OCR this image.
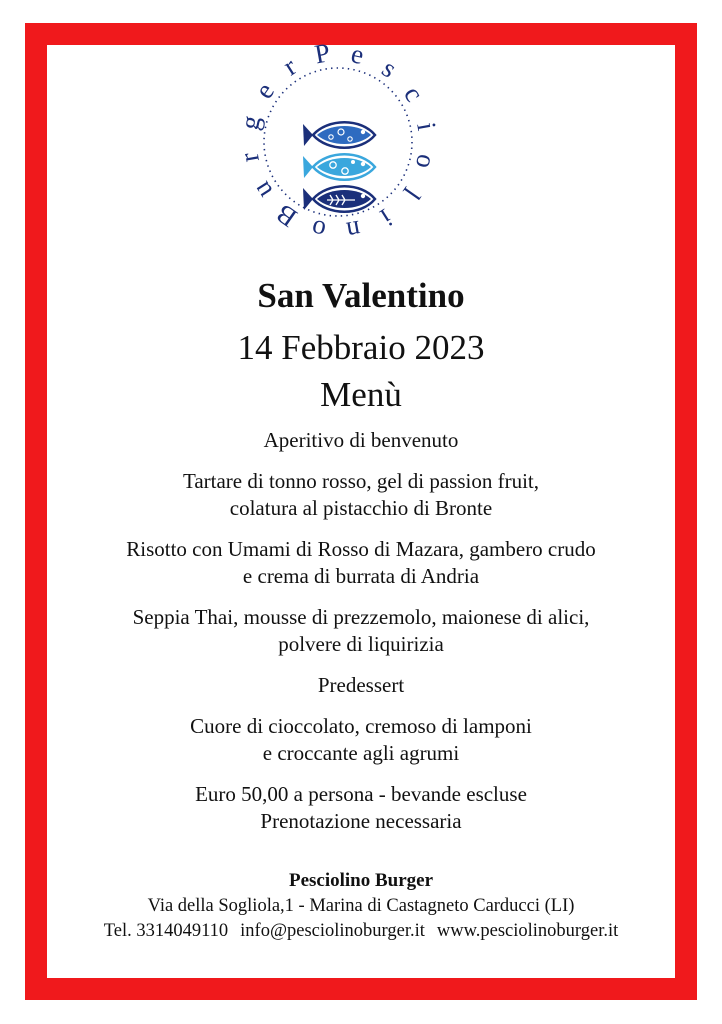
P e s
c
i
o
l
i
n
o
B
u
r
g
e
r
San Valentino
14 Febbraio 2023
Menù
Aperitivo di benvenuto
Tartare di tonno rosso, gel di passion fruit,
colatura al pistacchio di Bronte
Risotto con Umami di Rosso di Mazara, gambero crudo
e crema di burrata di Andria
Seppia Thai, mousse di prezzemolo, maionese di alici,
polvere di liquirizia
Predessert
Cuore di cioccolato, cremoso di lamponi
e croccante agli agrumi
Euro 50,00 a persona - bevande escluse
Prenotazione necessaria
Pesciolino Burger
Via della Sogliola,1 - Marina di Castagneto Carducci (LI)
Tel. 3314049110 info@pesciolinoburger.it www.pesciolinoburger.it
